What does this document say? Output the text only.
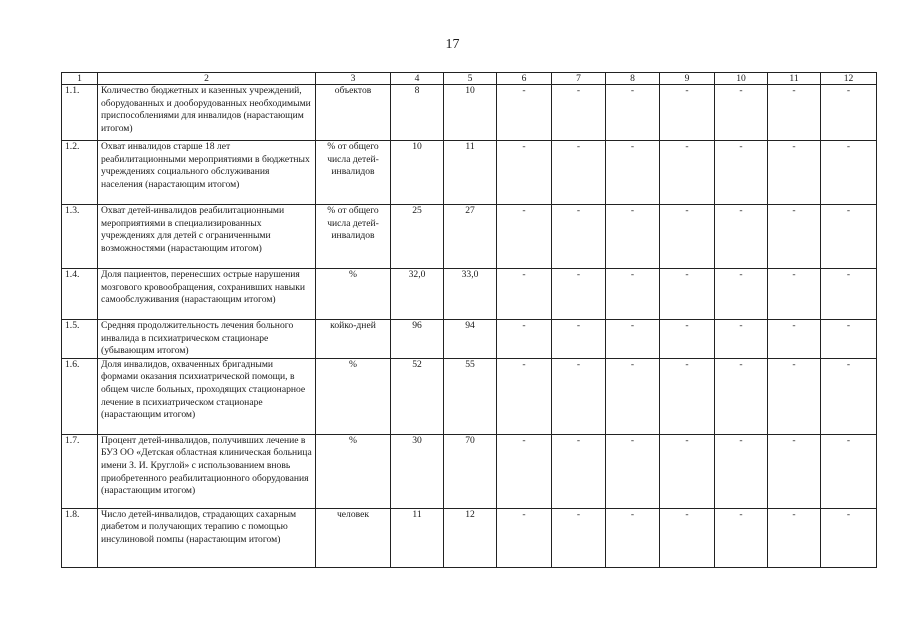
17
1	2	3	4	5	6	7	8	9	10	11	12
1.1.	Количество бюджетных и казенных учреждений, оборудованных и дооборудованных необходимыми приспособлениями для инвалидов (нарастающим итогом)	объектов	8	10	-	-	-	-	-	-	-
1.2.	Охват инвалидов старше 18 лет реабилитационными мероприятиями в бюджетных учреждениях социального обслуживания населения (нарастающим итогом)	% от общего числа детей-инвалидов	10	11	-	-	-	-	-	-	-
1.3.	Охват детей-инвалидов реабилитационными мероприятиями в специализированных учреждениях для детей с ограниченными возможностями (нарастающим итогом)	% от общего числа детей-инвалидов	25	27	-	-	-	-	-	-	-
1.4.	Доля пациентов, перенесших острые нарушения мозгового кровообращения, сохранивших навыки самообслуживания (нарастающим итогом)	%	32,0	33,0	-	-	-	-	-	-	-
1.5.	Средняя продолжительность лечения больного инвалида в психиатрическом стационаре (убывающим итогом)	койко-дней	96	94	-	-	-	-	-	-	-
1.6.	Доля инвалидов, охваченных бригадными формами оказания психиатрической помощи, в общем числе больных, проходящих стационарное лечение в психиатрическом стационаре (нарастающим итогом)	%	52	55	-	-	-	-	-	-	-
1.7.	Процент детей-инвалидов, получивших лечение в БУЗ ОО «Детская областная клиническая больница имени З. И. Круглой» с использованием вновь приобретенного реабилитационного оборудования (нарастающим итогом)	%	30	70	-	-	-	-	-	-	-
1.8.	Число детей-инвалидов, страдающих сахарным диабетом и получающих терапию с помощью инсулиновой помпы (нарастающим итогом)	человек	11	12	-	-	-	-	-	-	-
